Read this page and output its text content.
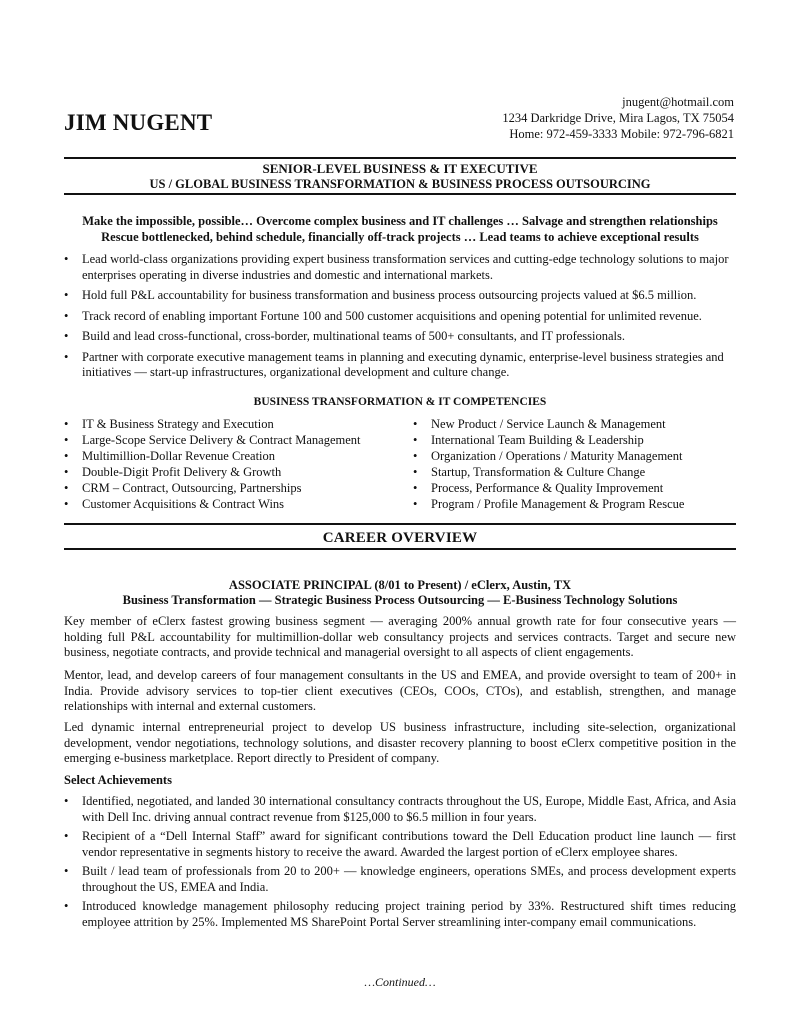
JIM NUGENT
jnugent@hotmail.com
1234 Darkridge Drive, Mira Lagos, TX 75054
Home: 972-459-3333 Mobile: 972-796-6821
SENIOR-LEVEL BUSINESS & IT EXECUTIVE
US / GLOBAL BUSINESS TRANSFORMATION & BUSINESS PROCESS OUTSOURCING
Make the impossible, possible… Overcome complex business and IT challenges … Salvage and strengthen relationships
Rescue bottlenecked, behind schedule, financially off-track projects … Lead teams to achieve exceptional results
• Lead world-class organizations providing expert business transformation services and cutting-edge technology solutions to major enterprises operating in diverse industries and domestic and international markets.
• Hold full P&L accountability for business transformation and business process outsourcing projects valued at $6.5 million.
• Track record of enabling important Fortune 100 and 500 customer acquisitions and opening potential for unlimited revenue.
• Build and lead cross-functional, cross-border, multinational teams of 500+ consultants, and IT professionals.
• Partner with corporate executive management teams in planning and executing dynamic, enterprise-level business strategies and initiatives — start-up infrastructures, organizational development and culture change.
BUSINESS TRANSFORMATION & IT COMPETENCIES
• IT & Business Strategy and Execution
• Large-Scope Service Delivery & Contract Management
• Multimillion-Dollar Revenue Creation
• Double-Digit Profit Delivery & Growth
• CRM – Contract, Outsourcing, Partnerships
• Customer Acquisitions & Contract Wins
• New Product / Service Launch & Management
• International Team Building & Leadership
• Organization / Operations / Maturity Management
• Startup, Transformation & Culture Change
• Process, Performance & Quality Improvement
• Program / Profile Management & Program Rescue
CAREER OVERVIEW
ASSOCIATE PRINCIPAL (8/01 to Present) / eClerx, Austin, TX
Business Transformation — Strategic Business Process Outsourcing — E-Business Technology Solutions

Key member of eClerx fastest growing business segment — averaging 200% annual growth rate for four consecutive years — holding full P&L accountability for multimillion-dollar web consultancy projects and services contracts. Target and secure new business, negotiate contracts, and provide technical and managerial oversight to all aspects of client engagements.

Mentor, lead, and develop careers of four management consultants in the US and EMEA, and provide oversight to team of 200+ in India. Provide advisory services to top-tier client executives (CEOs, COOs, CTOs), and establish, strengthen, and manage relationships with internal and external customers.

Led dynamic internal entrepreneurial project to develop US business infrastructure, including site-selection, organizational development, vendor negotiations, technology solutions, and disaster recovery planning to boost eClerx competitive position in the emerging e-business marketplace. Report directly to President of company.

Select Achievements
• Identified, negotiated, and landed 30 international consultancy contracts throughout the US, Europe, Middle East, Africa, and Asia with Dell Inc. driving annual contract revenue from $125,000 to $6.5 million in four years.
• Recipient of a “Dell Internal Staff” award for significant contributions toward the Dell Education product line launch — first vendor representative in segments history to receive the award. Awarded the largest portion of eClerx employee shares.
• Built / lead team of professionals from 20 to 200+ — knowledge engineers, operations SMEs, and process development experts throughout the US, EMEA and India.
• Introduced knowledge management philosophy reducing project training period by 33%. Restructured shift times reducing employee attrition by 25%. Implemented MS SharePoint Portal Server streamlining inter-company email communications.
…Continued…
